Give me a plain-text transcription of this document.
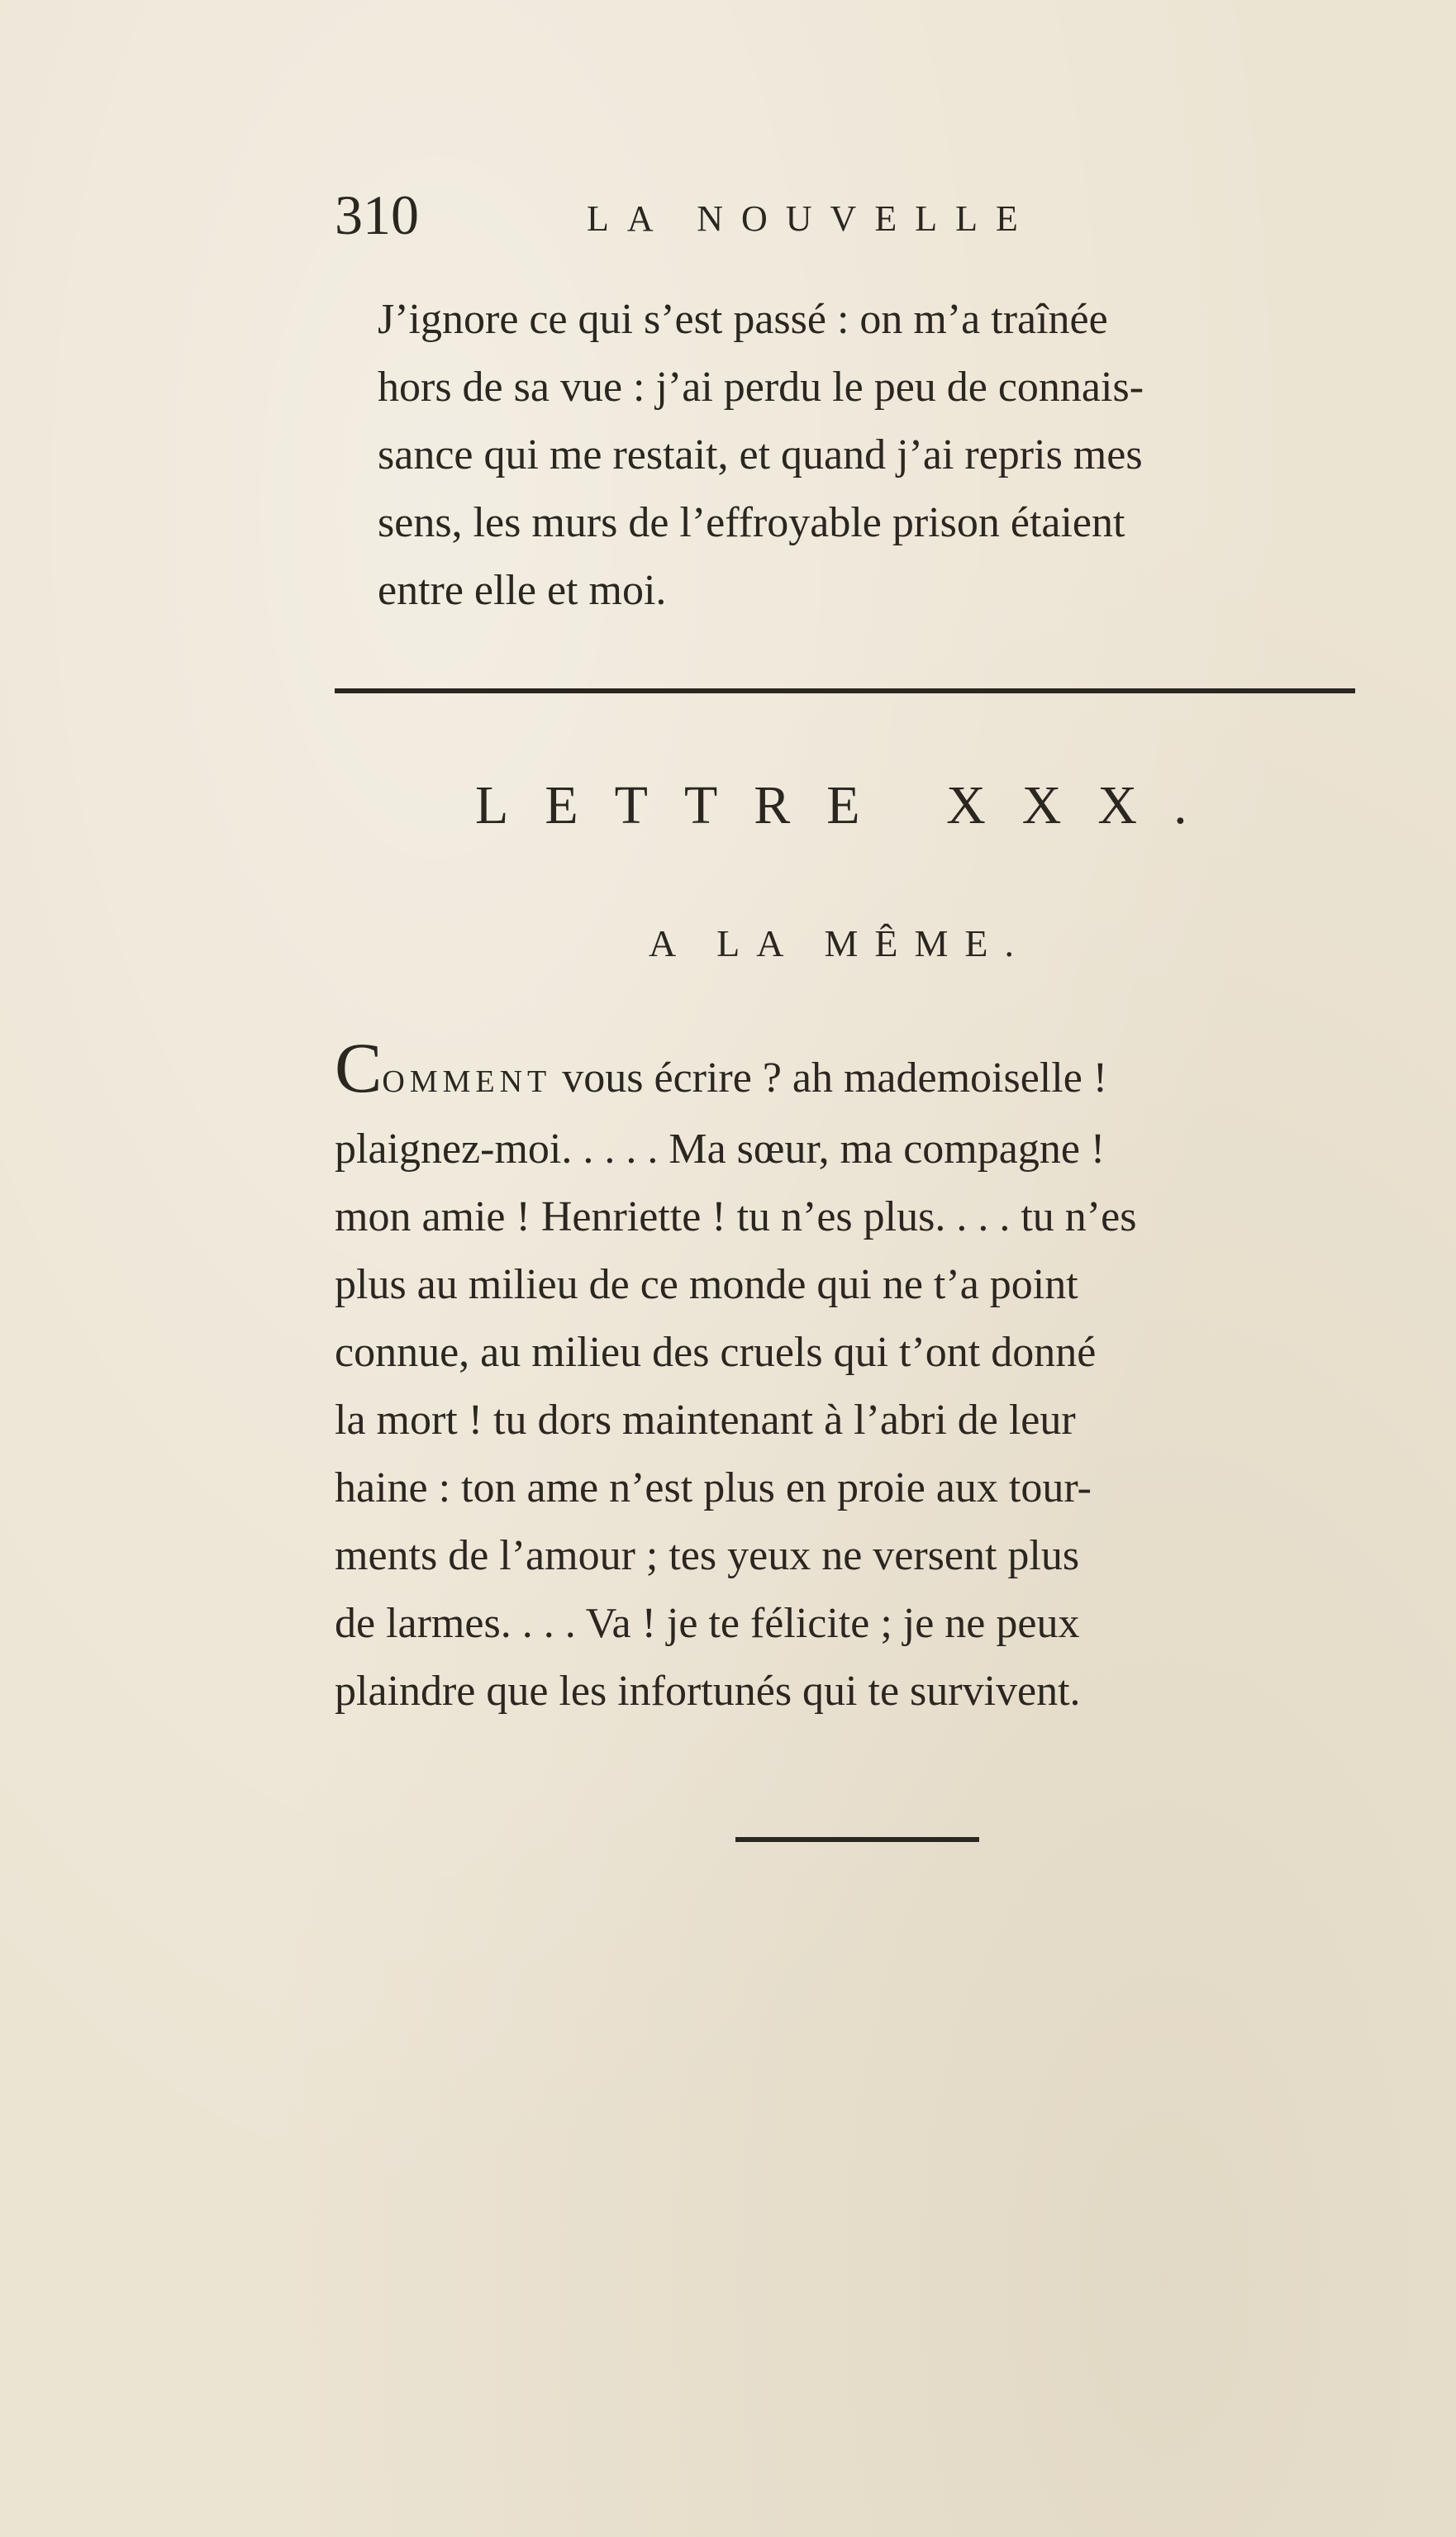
310	LA NOUVELLE
J’ignore ce qui s’est passé : on m’a traînée
hors de sa vue : j’ai perdu le peu de connais-
sance qui me restait, et quand j’ai repris mes
sens, les murs de l’effroyable prison étaient
entre elle et moi.
LETTRE XXX.
A LA MÊME.
COMMENT vous écrire ? ah mademoiselle !
plaignez-moi. . . . . Ma sœur, ma compagne !
mon amie ! Henriette ! tu n’es plus. . . . tu n’es
plus au milieu de ce monde qui ne t’a point
connue, au milieu des cruels qui t’ont donné
la mort ! tu dors maintenant à l’abri de leur
haine : ton ame n’est plus en proie aux tour-
ments de l’amour ; tes yeux ne versent plus
de larmes. . . . Va ! je te félicite ; je ne peux
plaindre que les infortunés qui te survivent.
